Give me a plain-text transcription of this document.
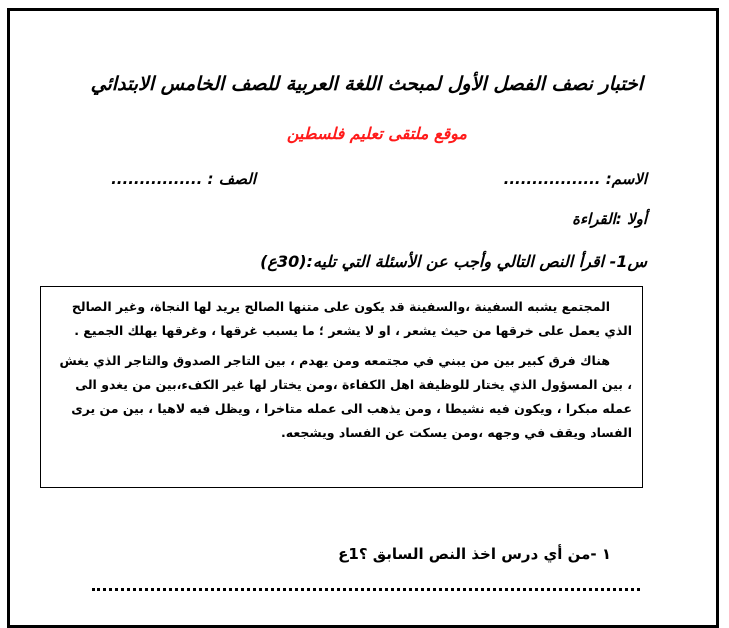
اختبار نصف الفصل الأول لمبحث اللغة العربية للصف الخامس الابتدائي
موقع ملتقى تعليم فلسطين
الاسم: .................
الصف : ................
أولا :القراءة
س1- اقرأ النص التالي وأجب عن الأسئلة التي تليه:(30ع)

المجتمع يشبه السفينة ،والسفينة قد يكون على متنها الصالح يريد لها النجاة، وغير الصالح الذي يعمل على خرقها من حيث يشعر ، او لا يشعر ؛ ما يسبب غرقها ، وغرقها يهلك الجميع .

هناك فرق كبير بين من يبني في مجتمعه ومن يهدم ، بين التاجر الصدوق والتاجر الذي يغش ، بين المسؤول الذي يختار للوظيفة اهل الكفاءة ،ومن يختار لها غير الكفء،بين من يغدو الى عمله مبكرا ، ويكون فيه نشيطا ، ومن يذهب الى عمله متاخرا ، ويظل فيه لاهيا ، بين من يرى الفساد ويقف في وجهه ،ومن يسكت عن الفساد ويشجعه.

١ -من أي درس اخذ النص السابق ؟1ع
